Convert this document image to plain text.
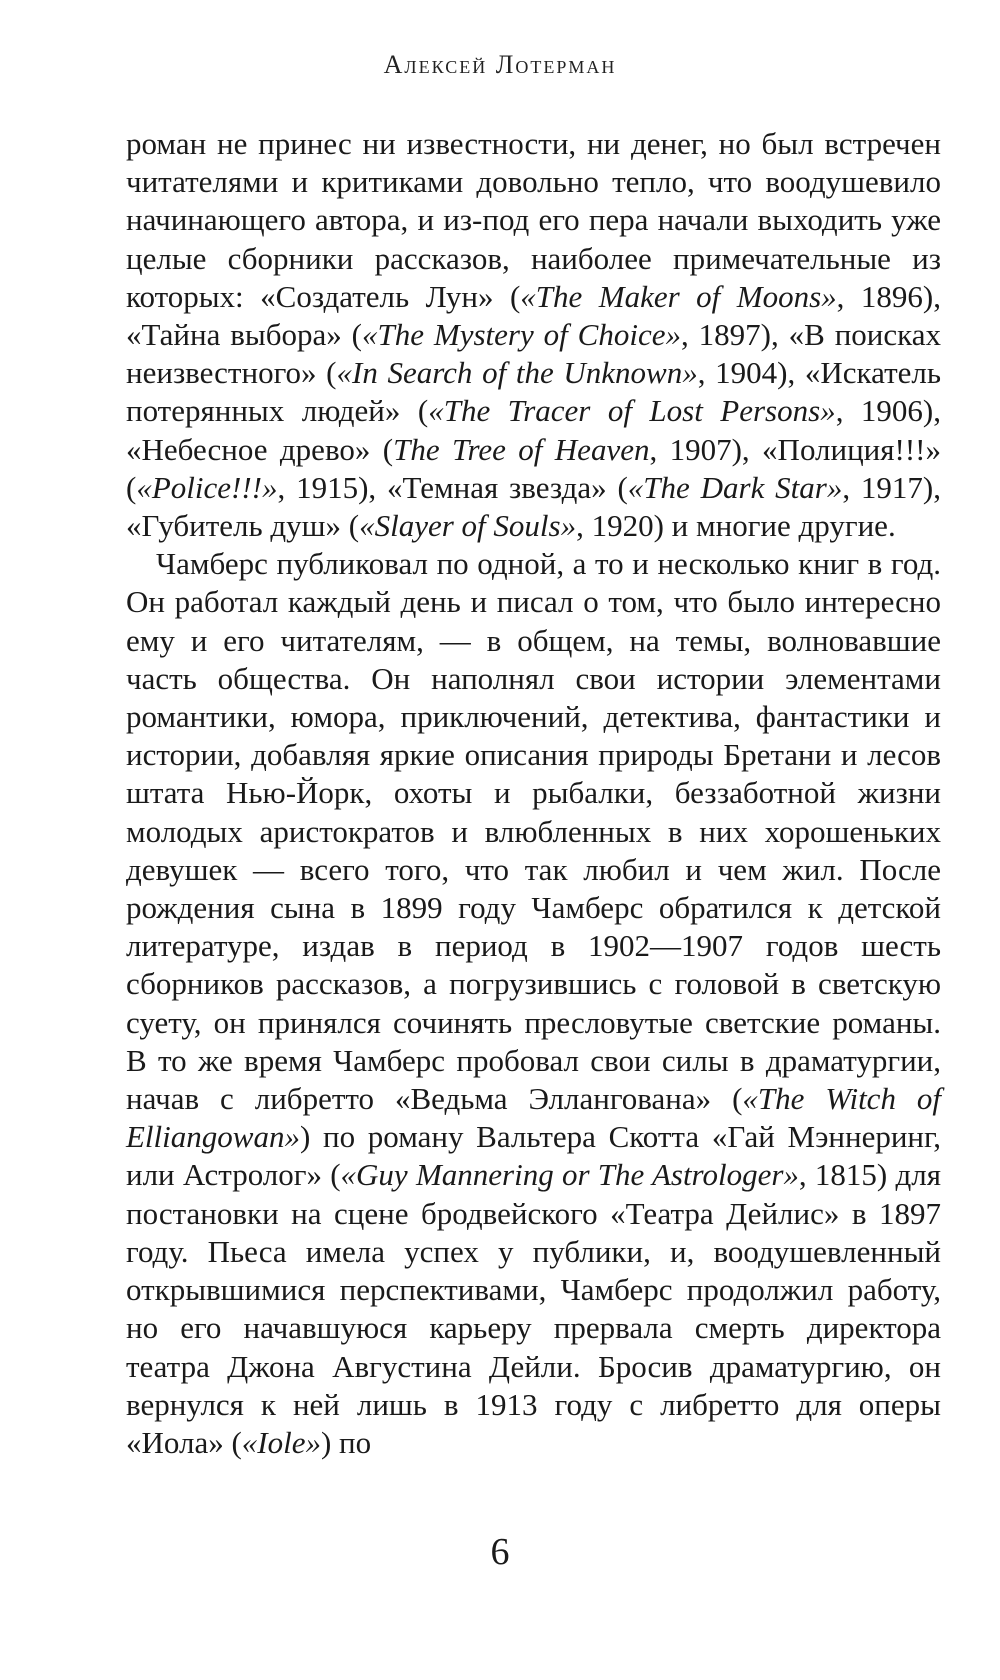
Алексей Лотерман

роман не принес ни известности, ни денег, но был встречен читателями и критиками довольно тепло, что воодушевило начинающего автора, и из-под его пера начали выходить уже целые сборники рассказов, наиболее примечательные из которых: «Создатель Лун» («The Maker of Moons», 1896), «Тайна выбора» («The Mystery of Choice», 1897), «В поисках неизвестного» («In Search of the Unknown», 1904), «Искатель потерянных людей» («The Tracer of Lost Persons», 1906), «Небесное древо» (The Tree of Heaven, 1907), «Полиция!!!» («Police!!!», 1915), «Темная звезда» («The Dark Star», 1917), «Губитель душ» («Slayer of Souls», 1920) и многие другие.

Чамберс публиковал по одной, а то и несколько книг в год. Он работал каждый день и писал о том, что было интересно ему и его читателям, — в общем, на темы, волновавшие часть общества. Он наполнял свои истории элементами романтики, юмора, приключений, детектива, фантастики и истории, добавляя яркие описания природы Бретани и лесов штата Нью-Йорк, охоты и рыбалки, беззаботной жизни молодых аристократов и влюбленных в них хорошеньких девушек — всего того, что так любил и чем жил. После рождения сына в 1899 году Чамберс обратился к детской литературе, издав в период в 1902—1907 годов шесть сборников рассказов, а погрузившись с головой в светскую суету, он принялся сочинять пресловутые светские романы. В то же время Чамберс пробовал свои силы в драматургии, начав с либретто «Ведьма Эллангована» («The Witch of Elliangowan») по роману Вальтера Скотта «Гай Мэннеринг, или Астролог» («Guy Mannering or The Astrologer», 1815) для постановки на сцене бродвейского «Театра Дейлис» в 1897 году. Пьеса имела успех у публики, и, воодушевленный открывшимися перспективами, Чамберс продолжил работу, но его начавшуюся карьеру прервала смерть директора театра Джона Августина Дейли. Бросив драматургию, он вернулся к ней лишь в 1913 году с либретто для оперы «Иола» («Iole») по

6
